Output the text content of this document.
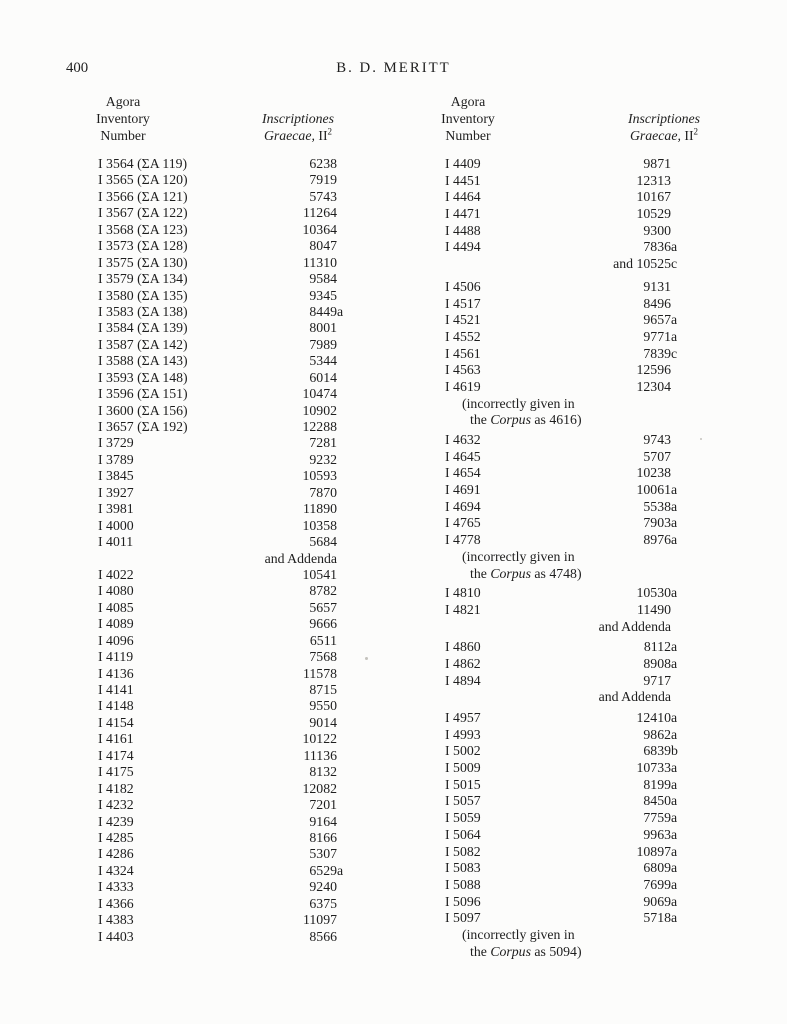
400	B. D. MERITT
Agora
Inventory
Number
Inscriptiones
Graecae, $II^2$
Agora
Inventory
Number
Inscriptiones
Graecae, $II^2$
I 3564 (ΣA 119)	6238
I 3565 (ΣA 120)	7919
I 3566 (ΣA 121)	5743
I 3567 (ΣA 122)	11264
I 3568 (ΣA 123)	10364
I 3573 (ΣA 128)	8047
I 3575 (ΣA 130)	11310
I 3579 (ΣA 134)	9584
I 3580 (ΣA 135)	9345
I 3583 (ΣA 138)	8449 a
I 3584 (ΣA 139)	8001
I 3587 (ΣA 142)	7989
I 3588 (ΣA 143)	5344
I 3593 (ΣA 148)	6014
I 3596 (ΣA 151)	10474
I 3600 (ΣA 156)	10902
I 3657 (ΣA 192)	12288
I 3729	7281
I 3789	9232
I 3845	10593
I 3927	7870
I 3981	11890
I 4000	10358
I 4011	5684
and Addenda
I 4022	10541
I 4080	8782
I 4085	5657
I 4089	9666
I 4096	6511
I 4119	7568
I 4136	11578
I 4141	8715
I 4148	9550
I 4154	9014
I 4161	10122
I 4174	11136
I 4175	8132
I 4182	12082
I 4232	7201
I 4239	9164
I 4285	8166
I 4286	5307
I 4324	6529 a
I 4333	9240
I 4366	6375
I 4383	11097
I 4403	8566
I 4409	9871
I 4451	12313
I 4464	10167
I 4471	10529
I 4488	9300
I 4494	7836 a
and 10525 c
I 4506	9131
I 4517	8496
I 4521	9657 a
I 4552	9771 a
I 4561	7839 c
I 4563	12596
I 4619	12304
(incorrectly given in
the Corpus as 4616)
I 4632	9743
I 4645	5707
I 4654	10238
I 4691	10061 a
I 4694	5538 a
I 4765	7903 a
I 4778	8976 a
(incorrectly given in
the Corpus as 4748)
I 4810	10530 a
I 4821	11490
and Addenda
I 4860	8112 a
I 4862	8908 a
I 4894	9717
and Addenda
I 4957	12410 a
I 4993	9862 a
I 5002	6839 b
I 5009	10733 a
I 5015	8199 a
I 5057	8450 a
I 5059	7759 a
I 5064	9963 a
I 5082	10897 a
I 5083	6809 a
I 5088	7699 a
I 5096	9069 a
I 5097	5718 a
(incorrectly given in
the Corpus as 5094)
